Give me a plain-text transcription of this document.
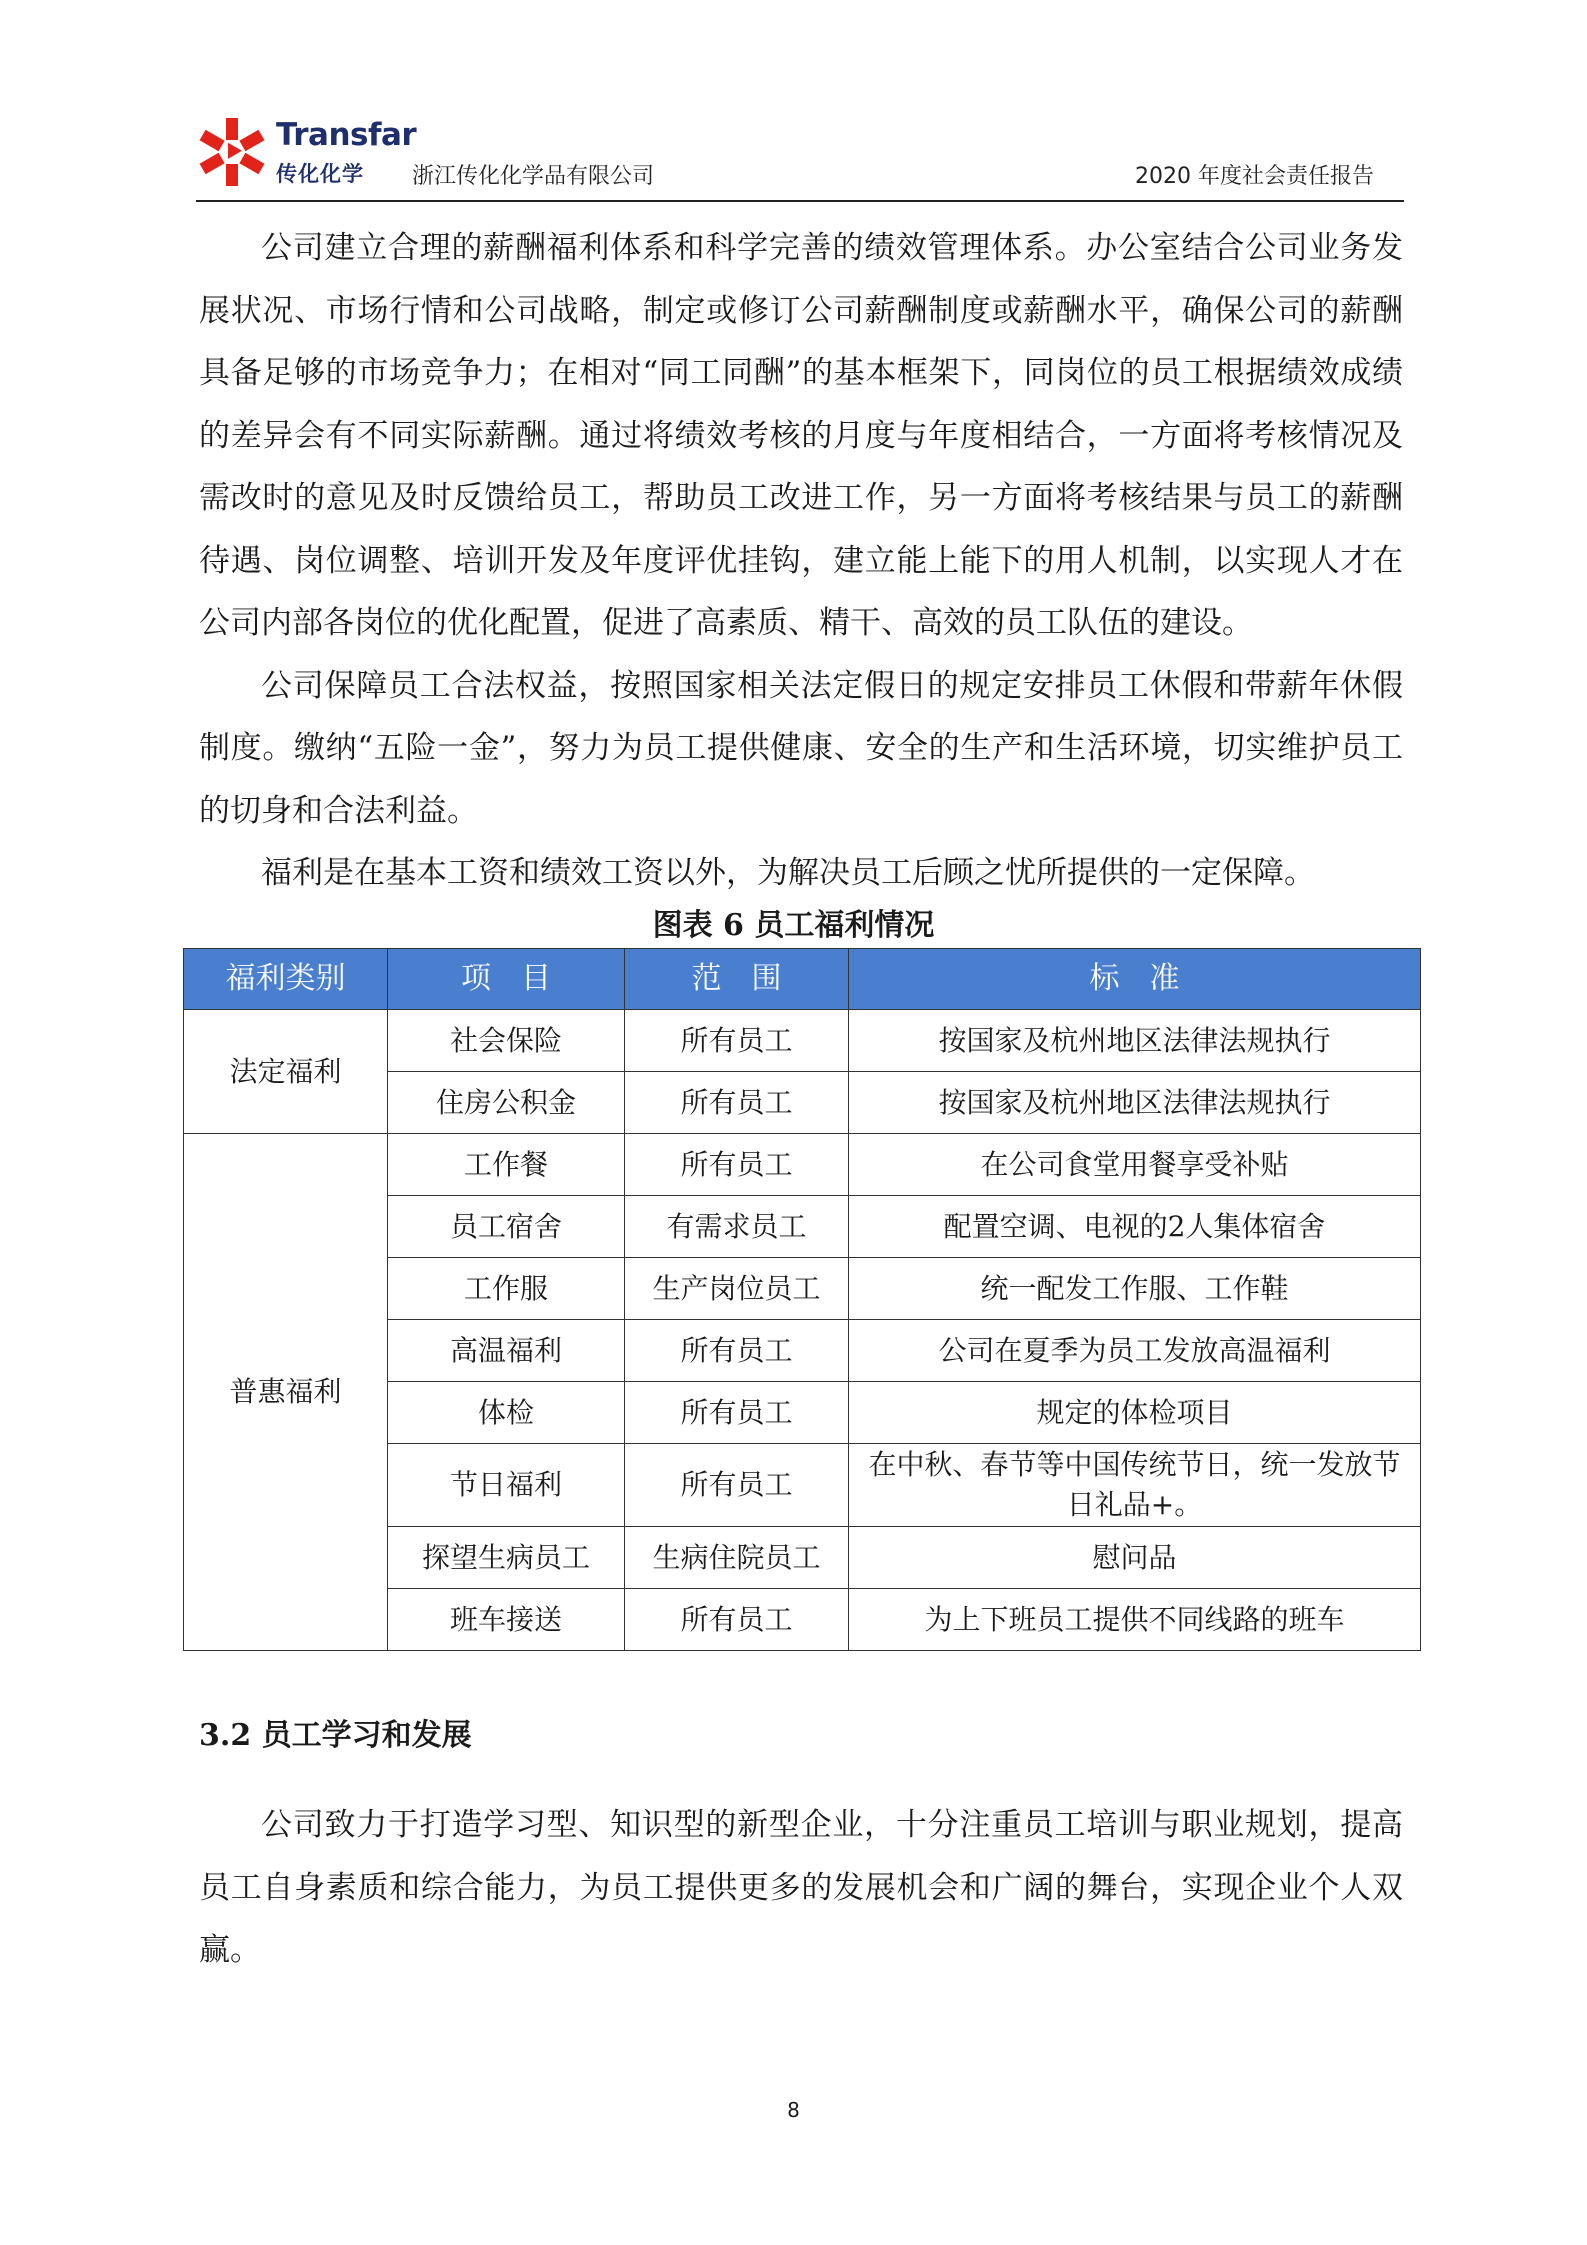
Transfar
传化化学 浙江传化化学品有限公司	2020 年度社会责任报告

公司建立合理的薪酬福利体系和科学完善的绩效管理体系。办公室结合公司业务发展状况、市场行情和公司战略，制定或修订公司薪酬制度或薪酬水平，确保公司的薪酬具备足够的市场竞争力；在相对“同工同酬”的基本框架下，同岗位的员工根据绩效成绩的差异会有不同实际薪酬。通过将绩效考核的月度与年度相结合，一方面将考核情况及需改时的意见及时反馈给员工，帮助员工改进工作，另一方面将考核结果与员工的薪酬待遇、岗位调整、培训开发及年度评优挂钩，建立能上能下的用人机制，以实现人才在公司内部各岗位的优化配置，促进了高素质、精干、高效的员工队伍的建设。

公司保障员工合法权益，按照国家相关法定假日的规定安排员工休假和带薪年休假制度。缴纳“五险一金”，努力为员工提供健康、安全的生产和生活环境，切实维护员工的切身和合法利益。

福利是在基本工资和绩效工资以外，为解决员工后顾之忧所提供的一定保障。

图表 6 员工福利情况
福利类别	项　目	范　围	标　准
法定福利	社会保险	所有员工	按国家及杭州地区法律法规执行
	住房公积金	所有员工	按国家及杭州地区法律法规执行
普惠福利	工作餐	所有员工	在公司食堂用餐享受补贴
	员工宿舍	有需求员工	配置空调、电视的2人集体宿舍
	工作服	生产岗位员工	统一配发工作服、工作鞋
	高温福利	所有员工	公司在夏季为员工发放高温福利
	体检	所有员工	规定的体检项目
	节日福利	所有员工	在中秋、春节等中国传统节日，统一发放节日礼品+。
	探望生病员工	生病住院员工	慰问品
	班车接送	所有员工	为上下班员工提供不同线路的班车
3.2 员工学习和发展

公司致力于打造学习型、知识型的新型企业，十分注重员工培训与职业规划，提高员工自身素质和综合能力，为员工提供更多的发展机会和广阔的舞台，实现企业个人双赢。

8
